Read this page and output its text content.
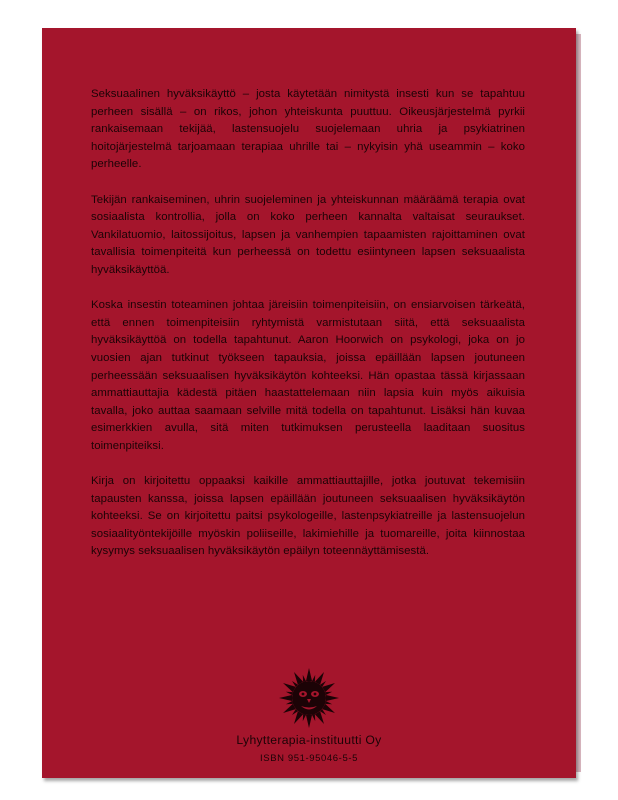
Seksuaalinen hyväksikäyttö – josta käytetään nimitystä insesti kun se tapahtuu perheen sisällä – on rikos, johon yhteiskunta puuttuu. Oikeusjärjestelmä pyrkii rankaisemaan tekijää, lastensuojelu suojelemaan uhria ja psykiatrinen hoitojärjestelmä tarjoamaan terapiaa uhrille tai – nykyisin yhä useammin – koko perheelle.

Tekijän rankaiseminen, uhrin suojeleminen ja yhteiskunnan määräämä terapia ovat sosiaalista kontrollia, jolla on koko perheen kannalta valtaisat seuraukset. Vankilatuomio, laitossijoitus, lapsen ja vanhempien tapaamisten rajoittaminen ovat tavallisia toimenpiteitä kun perheessä on todettu esiintyneen lapsen seksuaalista hyväksikäyttöä.

Koska insestin toteaminen johtaa järeisiin toimenpiteisiin, on ensiarvoisen tärkeätä, että ennen toimenpiteisiin ryhtymistä varmistutaan siitä, että seksuaalista hyväksikäyttöä on todella tapahtunut. Aaron Hoorwich on psykologi, joka on jo vuosien ajan tutkinut työkseen tapauksia, joissa epäillään lapsen joutuneen perheessään seksuaalisen hyväksikäytön kohteeksi. Hän opastaa tässä kirjassaan ammattiauttajia kädestä pitäen haastattelemaan niin lapsia kuin myös aikuisia tavalla, joko auttaa saamaan selville mitä todella on tapahtunut. Lisäksi hän kuvaa esimerkkien avulla, sitä miten tutkimuksen perusteella laaditaan suositus toimenpiteiksi.

Kirja on kirjoitettu oppaaksi kaikille ammattiauttajille, jotka joutuvat tekemisiin tapausten kanssa, joissa lapsen epäillään joutuneen seksuaalisen hyväksikäytön kohteeksi. Se on kirjoitettu paitsi psykologeille, lastenpsykiatreille ja lastensuojelun sosiaalityöntekijöille myöskin poliiseille, lakimiehille ja tuomareille, joita kiinnostaa kysymys seksuaalisen hyväksikäytön epäilyn toteennäyttämisestä.

Lyhytterapia-instituutti Oy
ISBN 951-95046-5-5
